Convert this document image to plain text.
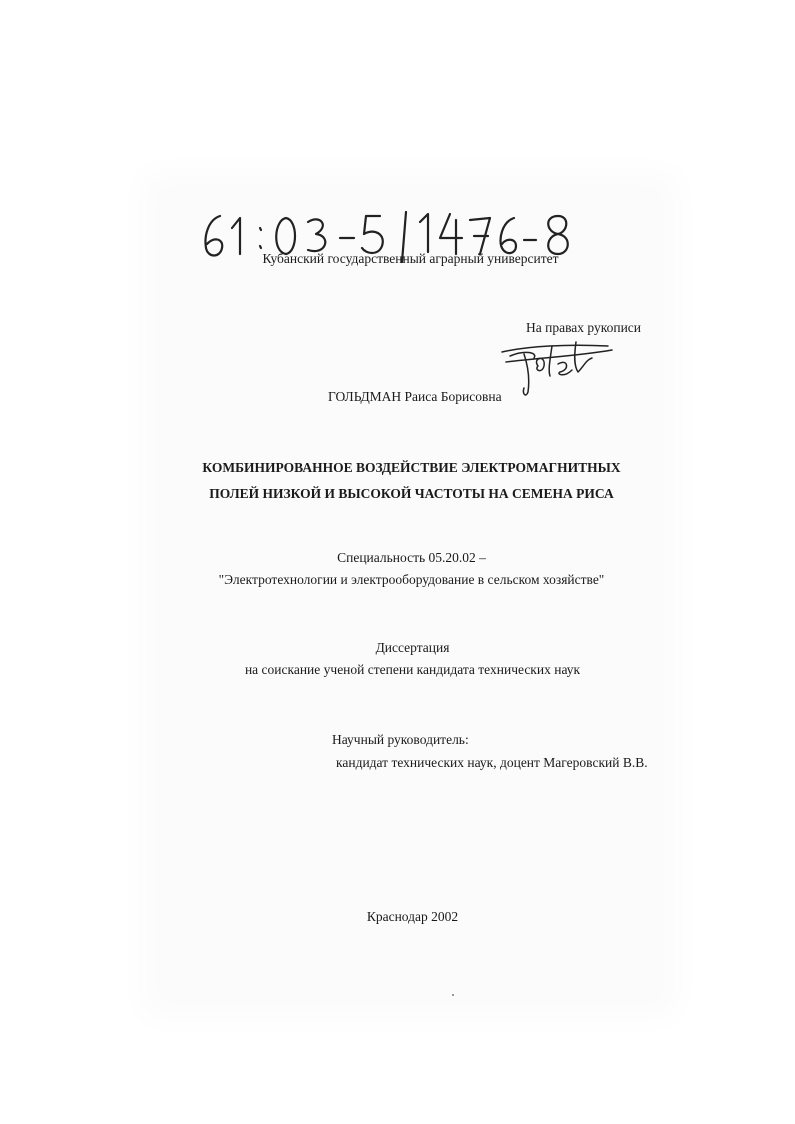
Кубанский государственный аграрный университет
На правах рукописи
ГОЛЬДМАН Раиса Борисовна
КОМБИНИРОВАННОЕ ВОЗДЕЙСТВИЕ ЭЛЕКТРОМАГНИТНЫХ
ПОЛЕЙ НИЗКОЙ И ВЫСОКОЙ ЧАСТОТЫ НА СЕМЕНА РИСА
Специальность 05.20.02 –
"Электротехнологии и электрооборудование в сельском хозяйстве"
Диссертация
на соискание ученой степени кандидата технических наук
Научный руководитель:
кандидат технических наук, доцент Магеровский В.В.
Краснодар 2002
